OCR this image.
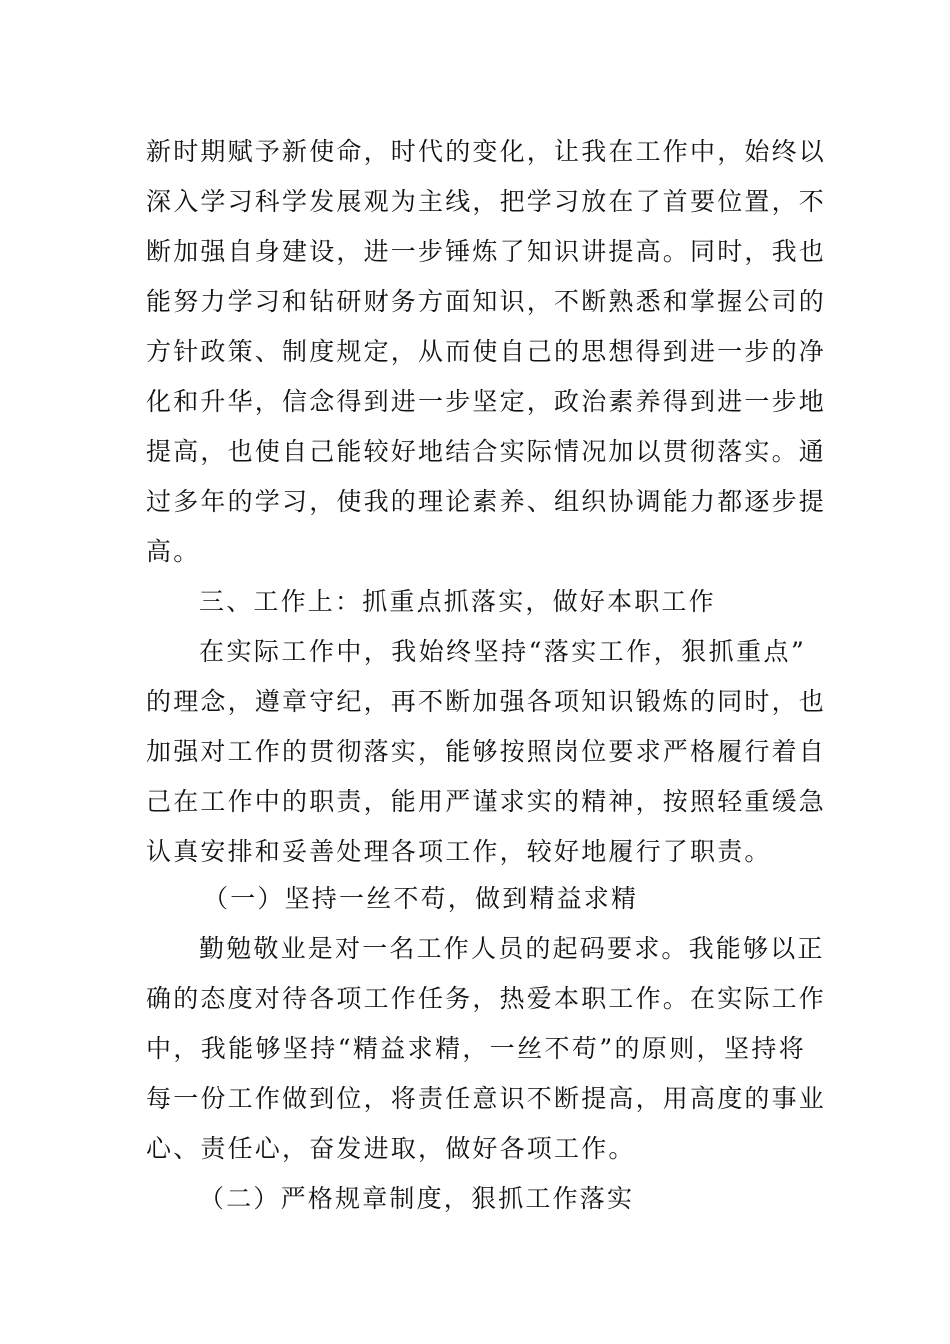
新时期赋予新使命，时代的变化，让我在工作中，始终以
深入学习科学发展观为主线，把学习放在了首要位置，不
断加强自身建设，进一步锤炼了知识讲提高。同时，我也
能努力学习和钻研财务方面知识，不断熟悉和掌握公司的
方针政策、制度规定，从而使自己的思想得到进一步的净
化和升华，信念得到进一步坚定，政治素养得到进一步地
提高，也使自己能较好地结合实际情况加以贯彻落实。通
过多年的学习，使我的理论素养、组织协调能力都逐步提
高。
三、工作上：抓重点抓落实，做好本职工作
在实际工作中，我始终坚持“落实工作，狠抓重点”
的理念，遵章守纪，再不断加强各项知识锻炼的同时，也
加强对工作的贯彻落实，能够按照岗位要求严格履行着自
己在工作中的职责，能用严谨求实的精神，按照轻重缓急
认真安排和妥善处理各项工作，较好地履行了职责。
（一）坚持一丝不苟，做到精益求精
勤勉敬业是对一名工作人员的起码要求。我能够以正
确的态度对待各项工作任务，热爱本职工作。在实际工作
中，我能够坚持“精益求精，一丝不苟”的原则，坚持将
每一份工作做到位，将责任意识不断提高，用高度的事业
心、责任心，奋发进取，做好各项工作。
（二）严格规章制度，狠抓工作落实
